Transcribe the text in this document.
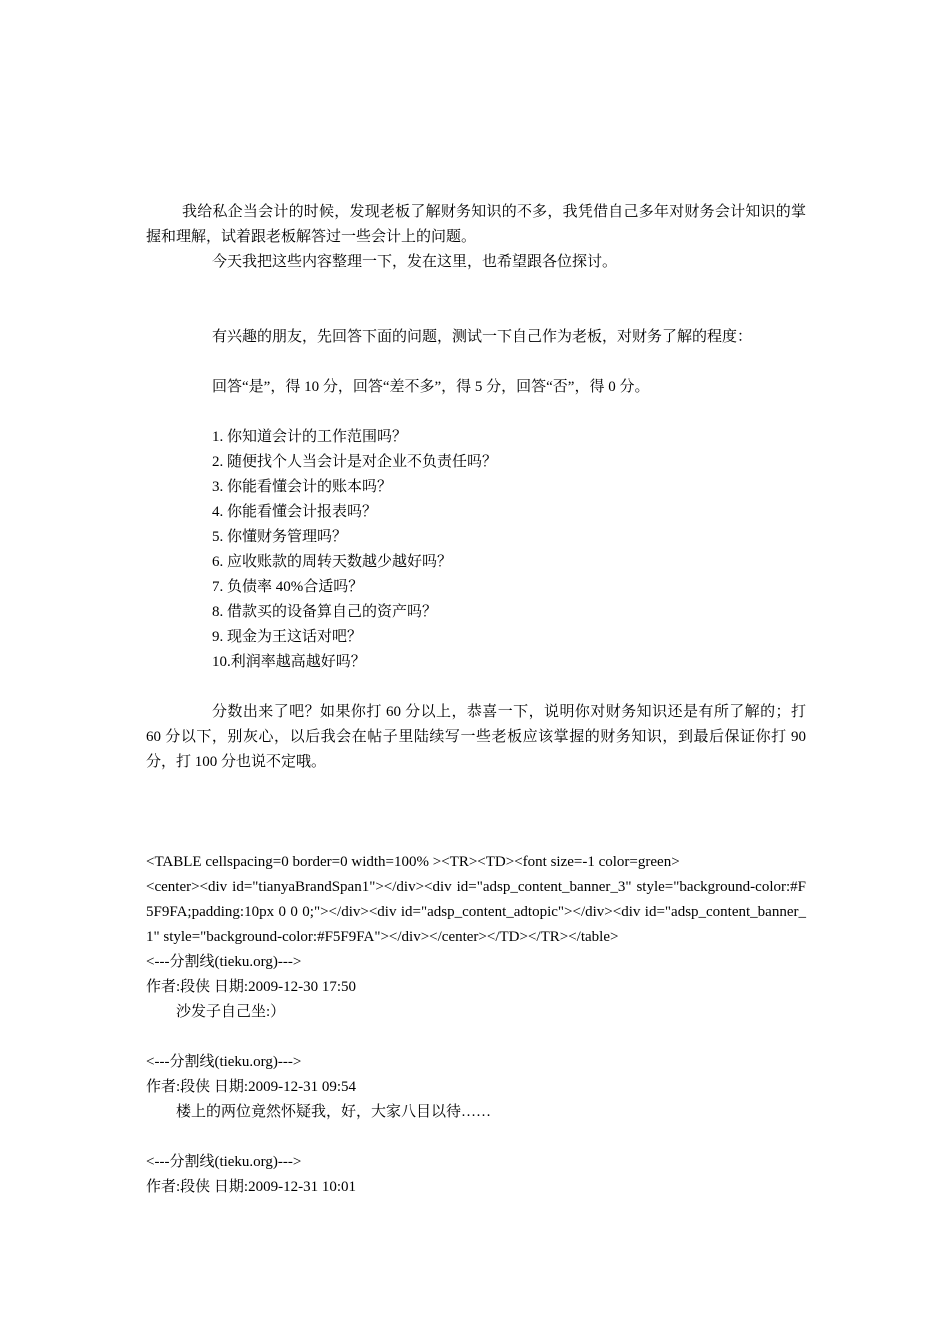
我给私企当会计的时候，发现老板了解财务知识的不多，我凭借自己多年对财务会计知识的掌握和理解，试着跟老板解答过一些会计上的问题。

今天我把这些内容整理一下，发在这里，也希望跟各位探讨。

有兴趣的朋友，先回答下面的问题，测试一下自己作为老板，对财务了解的程度：

回答“是”，得 10 分，回答“差不多”，得 5 分，回答“否”，得 0 分。

1. 你知道会计的工作范围吗？
2. 随便找个人当会计是对企业不负责任吗？
3. 你能看懂会计的账本吗？
4. 你能看懂会计报表吗？
5. 你懂财务管理吗？
6. 应收账款的周转天数越少越好吗？
7. 负债率 40%合适吗？
8. 借款买的设备算自己的资产吗？
9. 现金为王这话对吧？
10.利润率越高越好吗？

分数出来了吧？如果你打 60 分以上，恭喜一下，说明你对财务知识还是有所了解的；打 60 分以下，别灰心，以后我会在帖子里陆续写一些老板应该掌握的财务知识，到最后保证你打 90 分，打 100 分也说不定哦。

<TABLE cellspacing=0 border=0 width=100% ><TR><TD><font size=-1 color=green>

<center><div id="tianyaBrandSpan1"></div><div id="adsp_content_banner_3" style="background-color:#F5F9FA;padding:10px 0 0 0;"></div><div id="adsp_content_adtopic"></div><div id="adsp_content_banner_1" style="background-color:#F5F9FA"></div></center></TD></TR></table>

<---分割线(tieku.org)--->

作者:段侠 日期:2009-12-30 17:50

沙发子自己坐:）

<---分割线(tieku.org)--->

作者:段侠 日期:2009-12-31 09:54

楼上的两位竟然怀疑我，好，大家八目以待……

<---分割线(tieku.org)--->

作者:段侠 日期:2009-12-31 10:01
